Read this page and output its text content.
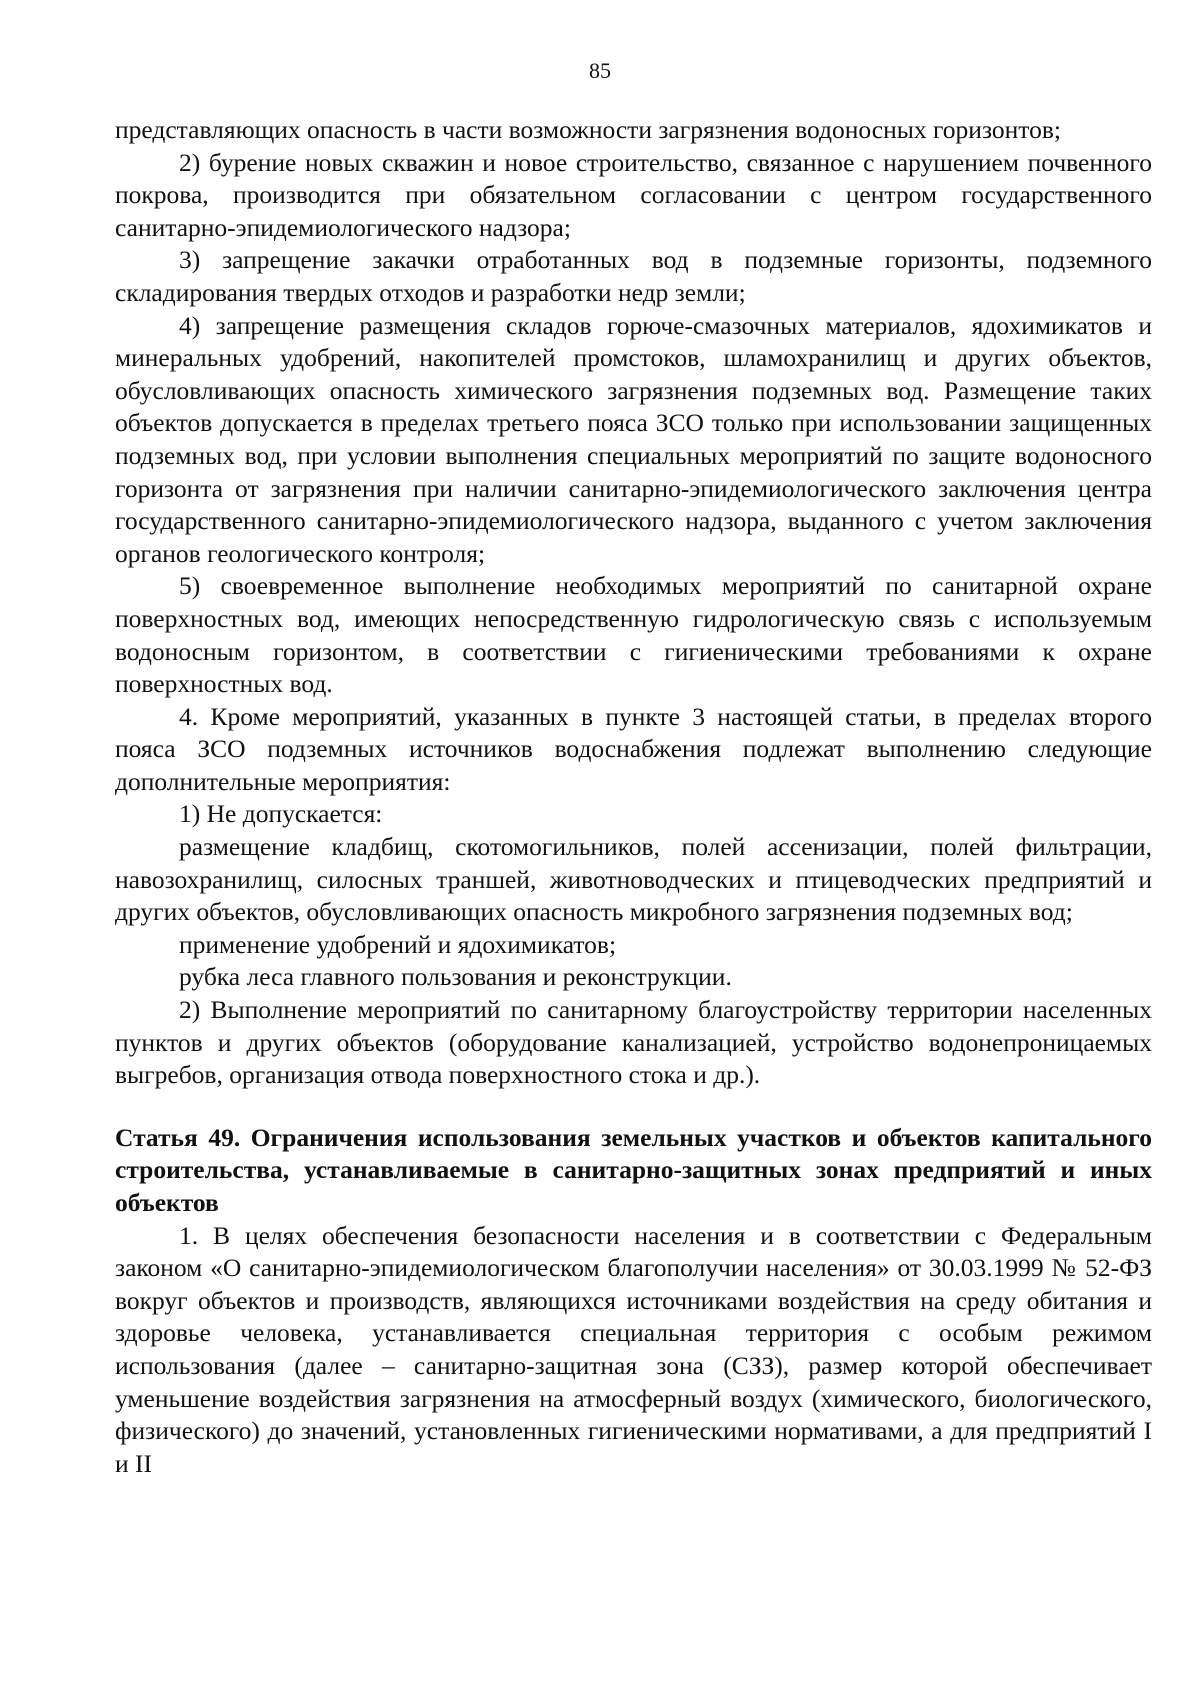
85

представляющих опасность в части возможности загрязнения водоносных горизонтов;

2) бурение новых скважин и новое строительство, связанное с нарушением почвенного покрова, производится при обязательном согласовании с центром государственного санитарно-эпидемиологического надзора;

3) запрещение закачки отработанных вод в подземные горизонты, подземного складирования твердых отходов и разработки недр земли;

4) запрещение размещения складов горюче-смазочных материалов, ядохимикатов и минеральных удобрений, накопителей промстоков, шламохранилищ и других объектов, обусловливающих опасность химического загрязнения подземных вод. Размещение таких объектов допускается в пределах третьего пояса ЗСО только при использовании защищенных подземных вод, при условии выполнения специальных мероприятий по защите водоносного горизонта от загрязнения при наличии санитарно-эпидемиологического заключения центра государственного санитарно-эпидемиологического надзора, выданного с учетом заключения органов геологического контроля;

5) своевременное выполнение необходимых мероприятий по санитарной охране поверхностных вод, имеющих непосредственную гидрологическую связь с используемым водоносным горизонтом, в соответствии с гигиеническими требованиями к охране поверхностных вод.

4. Кроме мероприятий, указанных в пункте 3 настоящей статьи, в пределах второго пояса ЗСО подземных источников водоснабжения подлежат выполнению следующие дополнительные мероприятия:

1) Не допускается:

размещение кладбищ, скотомогильников, полей ассенизации, полей фильтрации, навозохранилищ, силосных траншей, животноводческих и птицеводческих предприятий и других объектов, обусловливающих опасность микробного загрязнения подземных вод;

применение удобрений и ядохимикатов;

рубка леса главного пользования и реконструкции.

2) Выполнение мероприятий по санитарному благоустройству территории населенных пунктов и других объектов (оборудование канализацией, устройство водонепроницаемых выгребов, организация отвода поверхностного стока и др.).

Статья 49. Ограничения использования земельных участков и объектов капитального строительства, устанавливаемые в санитарно-защитных зонах предприятий и иных объектов

1. В целях обеспечения безопасности населения и в соответствии с Федеральным законом «О санитарно-эпидемиологическом благополучии населения» от 30.03.1999 № 52-ФЗ вокруг объектов и производств, являющихся источниками воздействия на среду обитания и здоровье человека, устанавливается специальная территория с особым режимом использования (далее – санитарно-защитная зона (СЗЗ), размер которой обеспечивает уменьшение воздействия загрязнения на атмосферный воздух (химического, биологического, физического) до значений, установленных гигиеническими нормативами, а для предприятий I и II
